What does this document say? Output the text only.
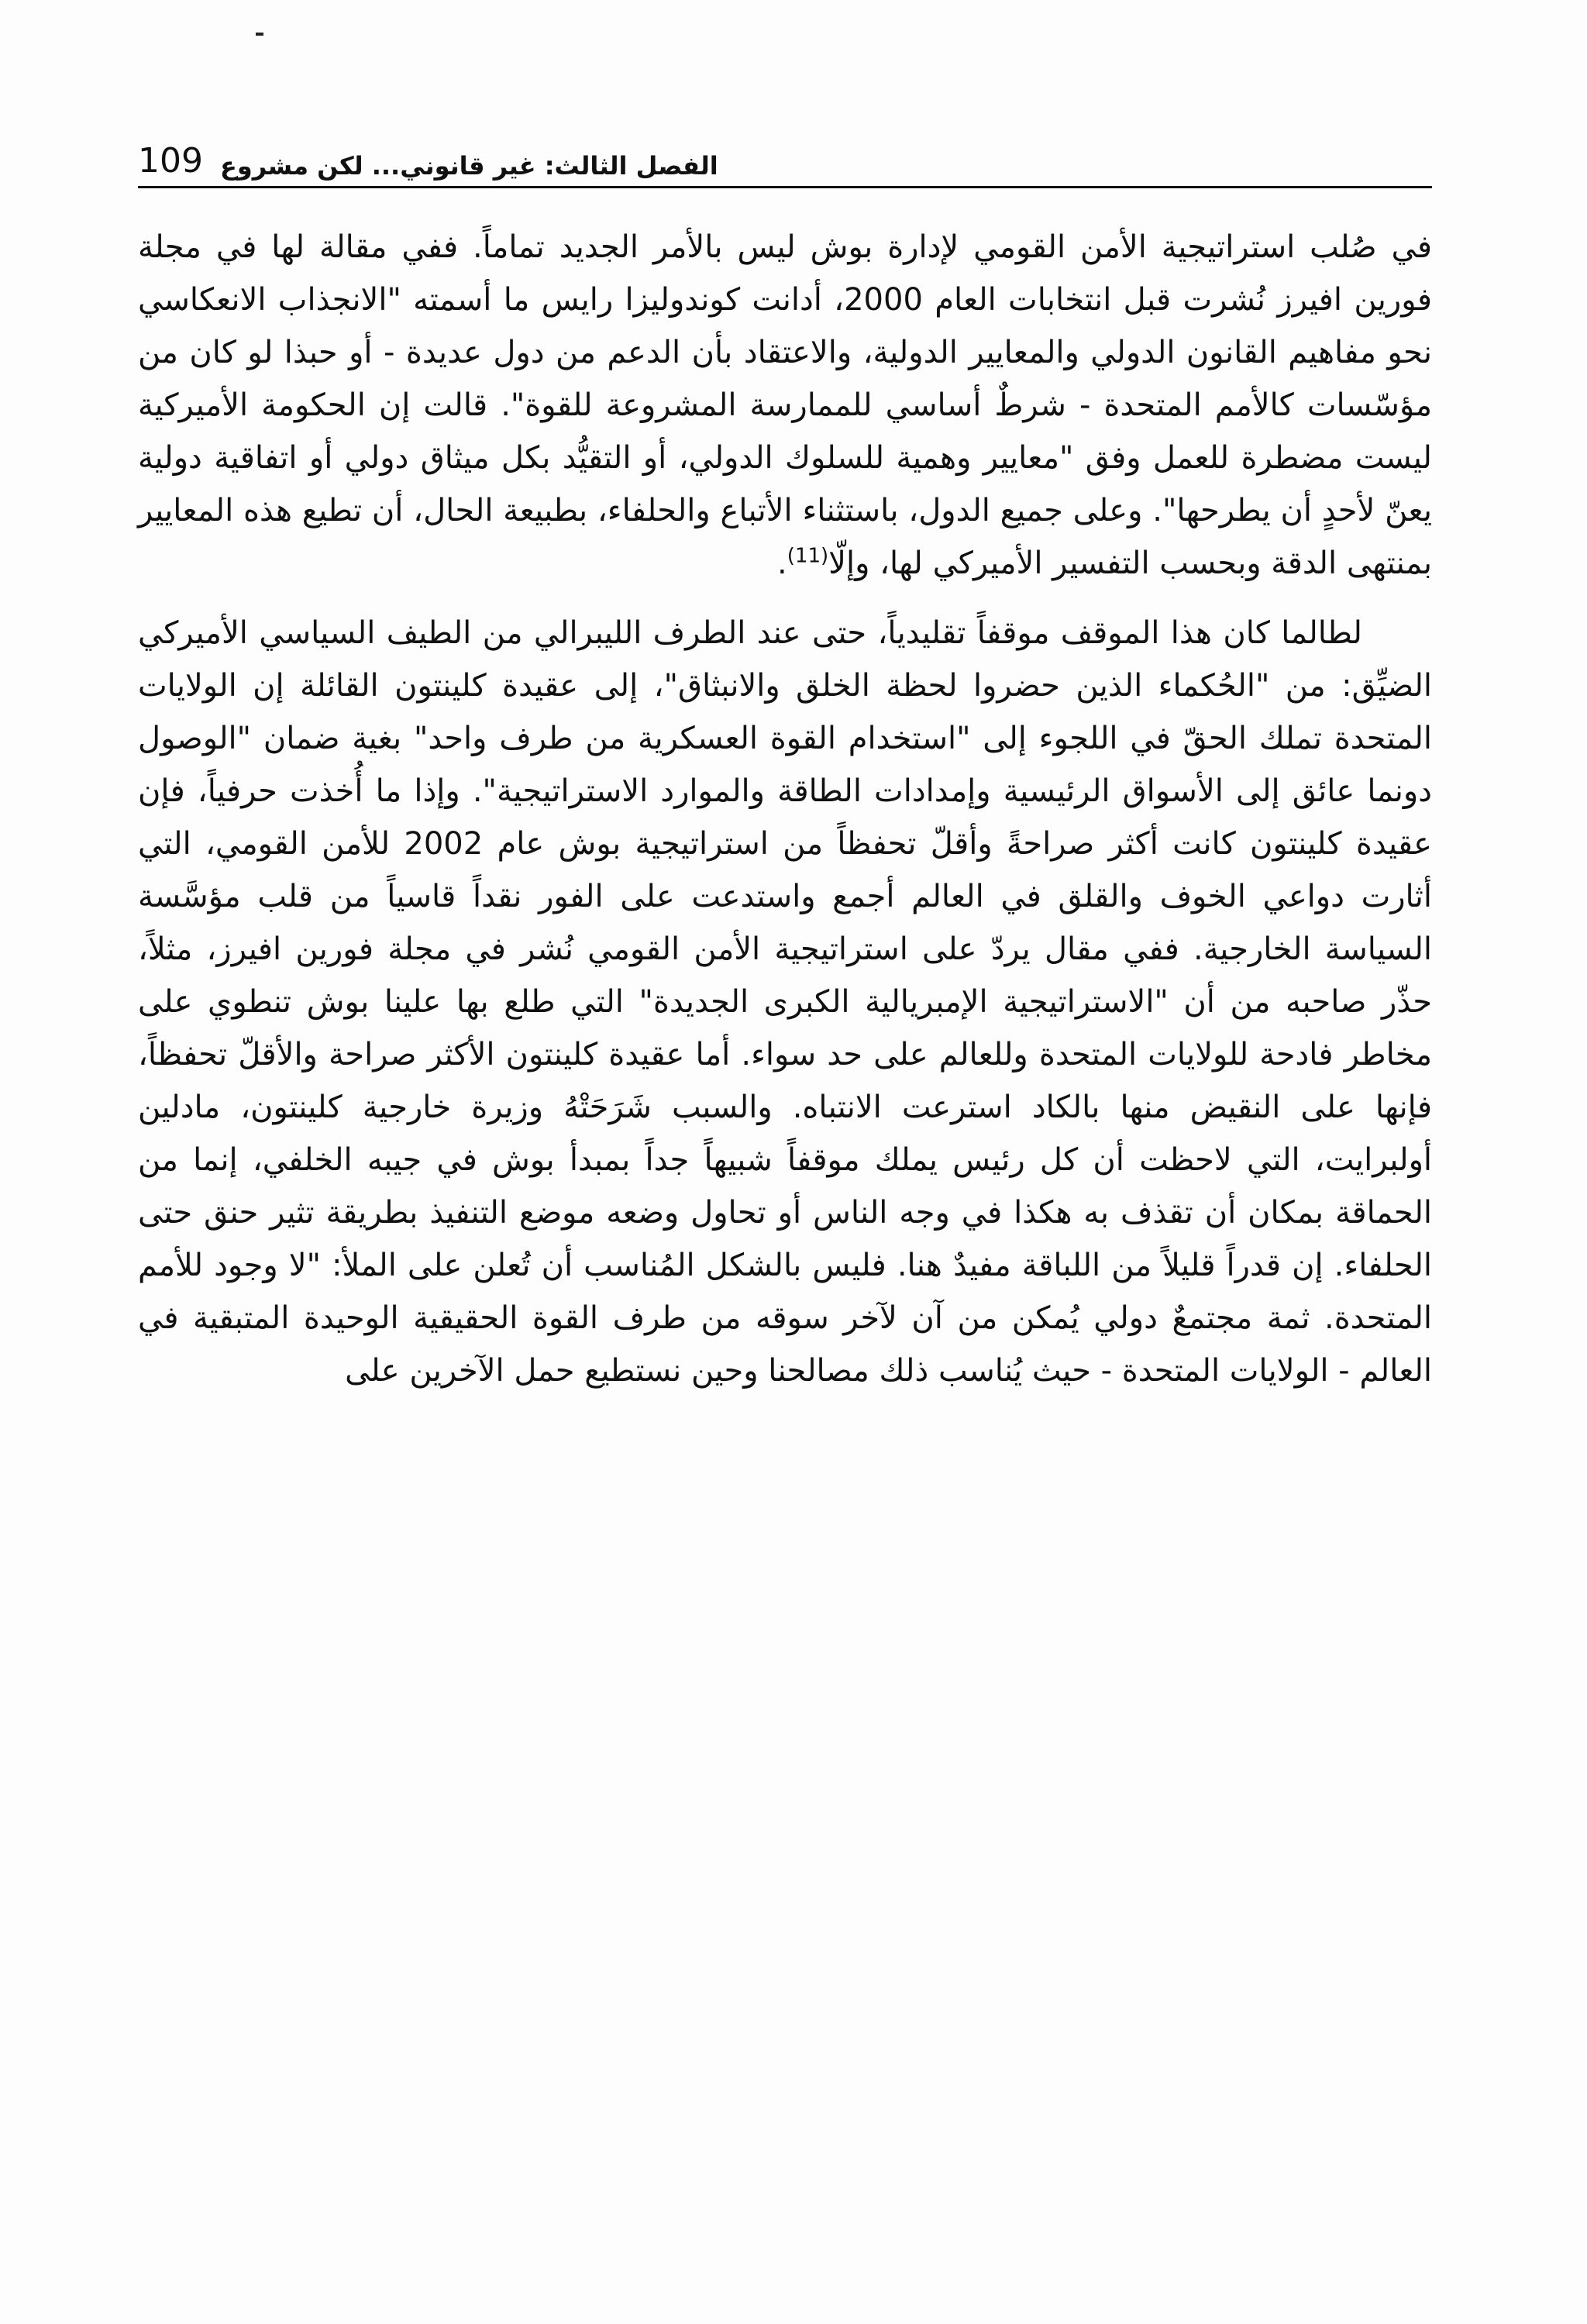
109 الفصل الثالث: غير قانوني... لكن مشروع

في صُلب استراتيجية الأمن القومي لإدارة بوش ليس بالأمر الجديد تماماً. ففي مقالة لها في مجلة فورين افيرز نُشرت قبل انتخابات العام 2000، أدانت كوندوليزا رايس ما أسمته "الانجذاب الانعكاسي نحو مفاهيم القانون الدولي والمعايير الدولية، والاعتقاد بأن الدعم من دول عديدة - أو حبذا لو كان من مؤسّسات كالأمم المتحدة - شرطٌ أساسي للممارسة المشروعة للقوة". قالت إن الحكومة الأميركية ليست مضطرة للعمل وفق "معايير وهمية للسلوك الدولي، أو التقيُّد بكل ميثاق دولي أو اتفاقية دولية يعنّ لأحدٍ أن يطرحها". وعلى جميع الدول، باستثناء الأتباع والحلفاء، بطبيعة الحال، أن تطيع هذه المعايير بمنتهى الدقة وبحسب التفسير الأميركي لها، وإلّا$^{(11)}$.

لطالما كان هذا الموقف موقفاً تقليدياً، حتى عند الطرف الليبرالي من الطيف السياسي الأميركي الضيِّق: من "الحُكماء الذين حضروا لحظة الخلق والانبثاق"، إلى عقيدة كلينتون القائلة إن الولايات المتحدة تملك الحقّ في اللجوء إلى "استخدام القوة العسكرية من طرف واحد" بغية ضمان "الوصول دونما عائق إلى الأسواق الرئيسية وإمدادات الطاقة والموارد الاستراتيجية". وإذا ما أُخذت حرفياً، فإن عقيدة كلينتون كانت أكثر صراحةً وأقلّ تحفظاً من استراتيجية بوش عام 2002 للأمن القومي، التي أثارت دواعي الخوف والقلق في العالم أجمع واستدعت على الفور نقداً قاسياً من قلب مؤسَّسة السياسة الخارجية. ففي مقال يردّ على استراتيجية الأمن القومي نُشر في مجلة فورين افيرز، مثلاً، حذّر صاحبه من أن "الاستراتيجية الإمبريالية الكبرى الجديدة" التي طلع بها علينا بوش تنطوي على مخاطر فادحة للولايات المتحدة وللعالم على حد سواء. أما عقيدة كلينتون الأكثر صراحة والأقلّ تحفظاً، فإنها على النقيض منها بالكاد استرعت الانتباه. والسبب شَرَحَتْهُ وزيرة خارجية كلينتون، مادلين أولبرايت، التي لاحظت أن كل رئيس يملك موقفاً شبيهاً جداً بمبدأ بوش في جيبه الخلفي، إنما من الحماقة بمكان أن تقذف به هكذا في وجه الناس أو تحاول وضعه موضع التنفيذ بطريقة تثير حنق حتى الحلفاء. إن قدراً قليلاً من اللباقة مفيدٌ هنا. فليس بالشكل المُناسب أن تُعلن على الملأ: "لا وجود للأمم المتحدة. ثمة مجتمعٌ دولي يُمكن من آن لآخر سوقه من طرف القوة الحقيقية الوحيدة المتبقية في العالم - الولايات المتحدة - حيث يُناسب ذلك مصالحنا وحين نستطيع حمل الآخرين على
